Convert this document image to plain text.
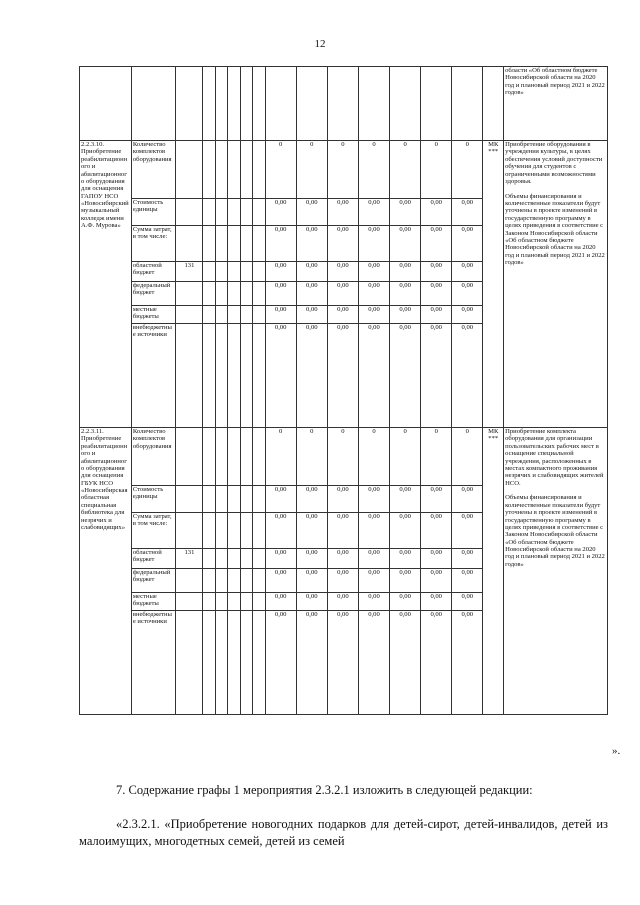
12
																области «Об областном бюджете Новосибирской области на 2020 год и плановый период 2021 и 2022 годов»
2.2.3.10. Приобретение реабилитационного и абилитационного оборудования для оснащения ГАПОУ НСО «Новосибирский музыкальный колледж имени А.Ф. Мурова»	Количество комплектов оборудования							0	0	0	0	0	0	0	МК ***	Приобретение оборудования в учреждения культуры, в целях обеспечения условий доступности обучения для студентов с ограниченными возможностями здоровья.

Объемы финансирования и количественные показатели будут уточнены в проекте изменений в государственную программу в целях приведения в соответствие с Законом Новосибирской области «Об областном бюджете Новосибирской области на 2020 год и плановый период 2021 и 2022 годов»
	Стоимость единицы							0,00	0,00	0,00	0,00	0,00	0,00	0,00		
	Сумма затрат, в том числе:							0,00	0,00	0,00	0,00	0,00	0,00	0,00		
	областной бюджет	131						0,00	0,00	0,00	0,00	0,00	0,00	0,00		
	федеральный бюджет							0,00	0,00	0,00	0,00	0,00	0,00	0,00		
	местные бюджеты							0,00	0,00	0,00	0,00	0,00	0,00	0,00		
	внебюджетные источники							0,00	0,00	0,00	0,00	0,00	0,00	0,00		
2.2.3.11. Приобретение реабилитационного и абилитационного оборудования для оснащения ГБУК НСО «Новосибирская областная специальная библиотека для незрячих и слабовидящих»	Количество комплектов оборудования							0	0	0	0	0	0	0	МК ***	Приобретение комплекта оборудования для организации пользовательских рабочих мест в оснащение специальной учреждения, расположенных в местах компактного проживания незрячих и слабовидящих жителей НСО.

Объемы финансирования и количественные показатели будут уточнены в проекте изменений в государственную программу в целях приведения в соответствие с Законом Новосибирской области «Об областном бюджете Новосибирской области на 2020 год и плановый период 2021 и 2022 годов»
	Стоимость единицы							0,00	0,00	0,00	0,00	0,00	0,00	0,00		
	Сумма затрат, в том числе:							0,00	0,00	0,00	0,00	0,00	0,00	0,00		
	областной бюджет	131						0,00	0,00	0,00	0,00	0,00	0,00	0,00		
	федеральный бюджет							0,00	0,00	0,00	0,00	0,00	0,00	0,00		
	местные бюджеты							0,00	0,00	0,00	0,00	0,00	0,00	0,00		
	внебюджетные источники							0,00	0,00	0,00	0,00	0,00	0,00	0,00		
».
7. Содержание графы 1 мероприятия 2.3.2.1 изложить в следующей редакции:
«2.3.2.1. «Приобретение новогодних подарков для детей-сирот, детей-инвалидов, детей из малоимущих, многодетных семей, детей из семей
